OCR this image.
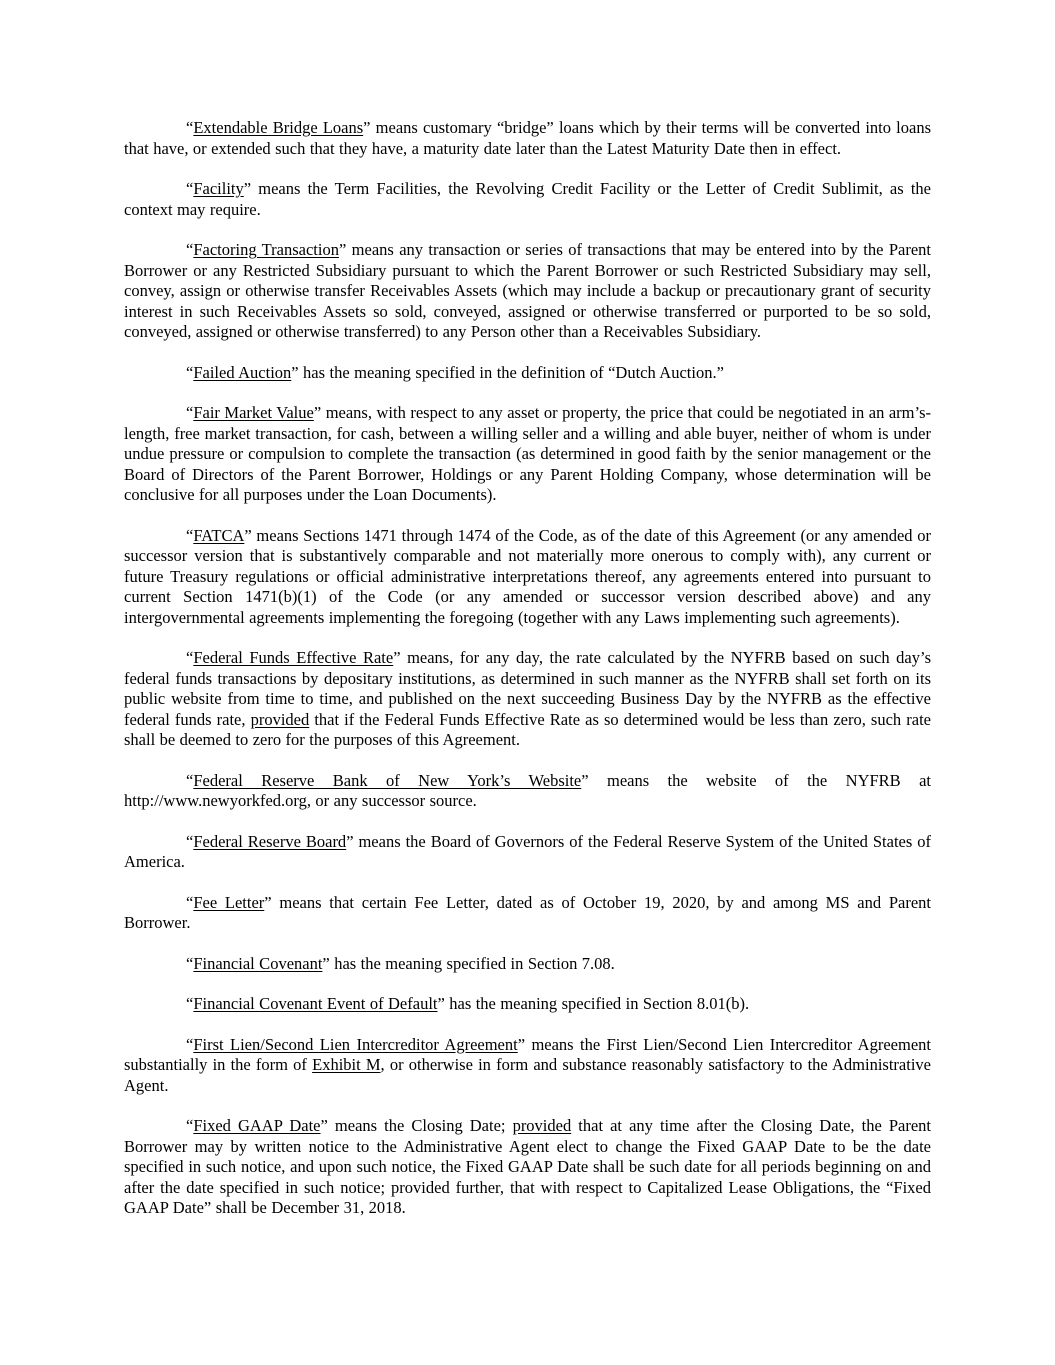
“Extendable Bridge Loans” means customary “bridge” loans which by their terms will be converted into loans that have, or extended such that they have, a maturity date later than the Latest Maturity Date then in effect.

“Facility” means the Term Facilities, the Revolving Credit Facility or the Letter of Credit Sublimit, as the context may require.

“Factoring Transaction” means any transaction or series of transactions that may be entered into by the Parent Borrower or any Restricted Subsidiary pursuant to which the Parent Borrower or such Restricted Subsidiary may sell, convey, assign or otherwise transfer Receivables Assets (which may include a backup or precautionary grant of security interest in such Receivables Assets so sold, conveyed, assigned or otherwise transferred or purported to be so sold, conveyed, assigned or otherwise transferred) to any Person other than a Receivables Subsidiary.

“Failed Auction” has the meaning specified in the definition of “Dutch Auction.”

“Fair Market Value” means, with respect to any asset or property, the price that could be negotiated in an arm’s-length, free market transaction, for cash, between a willing seller and a willing and able buyer, neither of whom is under undue pressure or compulsion to complete the transaction (as determined in good faith by the senior management or the Board of Directors of the Parent Borrower, Holdings or any Parent Holding Company, whose determination will be conclusive for all purposes under the Loan Documents).

“FATCA” means Sections 1471 through 1474 of the Code, as of the date of this Agreement (or any amended or successor version that is substantively comparable and not materially more onerous to comply with), any current or future Treasury regulations or official administrative interpretations thereof, any agreements entered into pursuant to current Section 1471(b)(1) of the Code (or any amended or successor version described above) and any intergovernmental agreements implementing the foregoing (together with any Laws implementing such agreements).

“Federal Funds Effective Rate” means, for any day, the rate calculated by the NYFRB based on such day’s federal funds transactions by depositary institutions, as determined in such manner as the NYFRB shall set forth on its public website from time to time, and published on the next succeeding Business Day by the NYFRB as the effective federal funds rate, provided that if the Federal Funds Effective Rate as so determined would be less than zero, such rate shall be deemed to zero for the purposes of this Agreement.

“Federal Reserve Bank of New York’s Website” means the website of the NYFRB at http://www.newyorkfed.org, or any successor source.

“Federal Reserve Board” means the Board of Governors of the Federal Reserve System of the United States of America.

“Fee Letter” means that certain Fee Letter, dated as of October 19, 2020, by and among MS and Parent Borrower.

“Financial Covenant” has the meaning specified in Section 7.08.

“Financial Covenant Event of Default” has the meaning specified in Section 8.01(b).

“First Lien/Second Lien Intercreditor Agreement” means the First Lien/Second Lien Intercreditor Agreement substantially in the form of Exhibit M, or otherwise in form and substance reasonably satisfactory to the Administrative Agent.

“Fixed GAAP Date” means the Closing Date; provided that at any time after the Closing Date, the Parent Borrower may by written notice to the Administrative Agent elect to change the Fixed GAAP Date to be the date specified in such notice, and upon such notice, the Fixed GAAP Date shall be such date for all periods beginning on and after the date specified in such notice; provided further, that with respect to Capitalized Lease Obligations, the “Fixed GAAP Date” shall be December 31, 2018.
